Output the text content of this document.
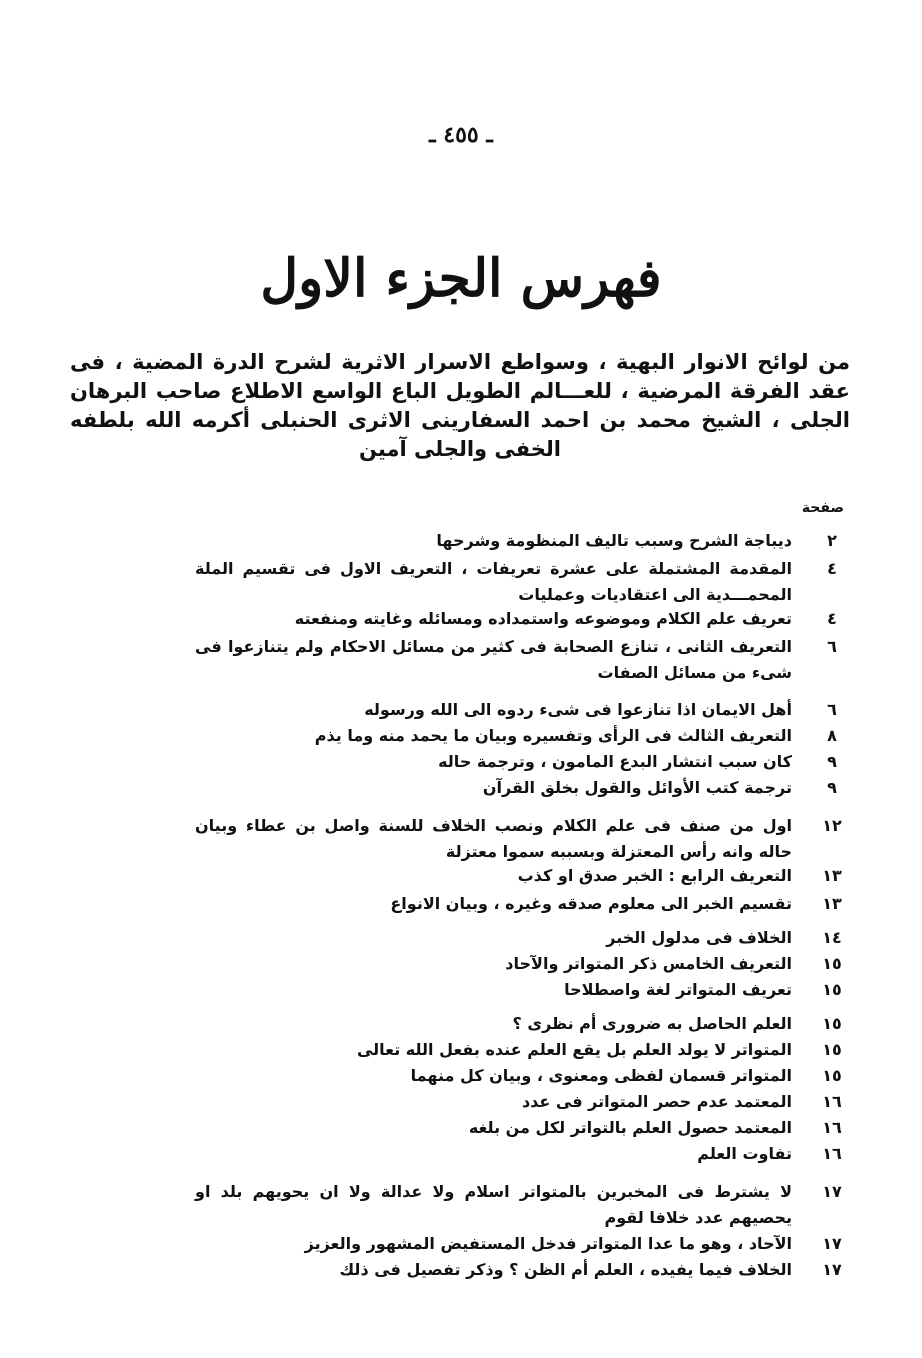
ـ ٤٥٥ ـ
فهرس الجزء الاول
من لوائح الانوار البهية ، وسواطع الاسرار الاثرية لشرح الدرة المضية ، فى عقد الفرقة المرضية ، للعـــالم الطويل الباع الواسع الاطلاع صاحب البرهان الجلى ، الشيخ محمد بن احمد السفارينى الاثرى الحنبلى أكرمه الله بلطفه الخفى والجلى آمين
صفحة
٢
ديباجة الشرح وسبب تاليف المنظومة وشرحها
٤
المقدمة المشتملة على عشرة تعريفات ، التعريف الاول فى تقسيم الملة المحمـــدية الى اعتقاديات وعمليات
٤
تعريف علم الكلام وموضوعه واستمداده ومسائله وغايته ومنفعته
٦
التعريف الثانى ، تنازع الصحابة فى كثير من مسائل الاحكام ولم يتنازعوا فى شىء من مسائل الصفات
٦
أهل الايمان اذا تنازعوا فى شىء ردوه الى الله ورسوله
٨
التعريف الثالث فى الرأى وتفسيره وبيان ما يحمد منه وما يذم
٩
كان سبب انتشار البدع المامون ، وترجمة حاله
٩
ترجمة كتب الأوائل والقول بخلق القرآن
١٢
اول من صنف فى علم الكلام ونصب الخلاف للسنة واصل بن عطاء وبيان حاله وانه رأس المعتزلة وبسببه سموا معتزلة
١٣
التعريف الرابع : الخبر صدق او كذب
١٣
تقسيم الخبر الى معلوم صدقه وغيره ، وبيان الانواع
١٤
الخلاف فى مدلول الخبر
١٥
التعريف الخامس ذكر المتواتر والآحاد
١٥
تعريف المتواتر لغة واصطلاحا
١٥
العلم الحاصل به ضرورى أم نظرى ؟
١٥
المتواتر لا يولد العلم بل يقع العلم عنده بفعل الله تعالى
١٥
المتواتر قسمان لفظى ومعنوى ، وبيان كل منهما
١٦
المعتمد عدم حصر المتواتر فى عدد
١٦
المعتمد حصول العلم بالتواتر لكل من بلغه
١٦
تفاوت العلم
١٧
لا يشترط فى المخبرين بالمتواتر اسلام ولا عدالة ولا ان يحويهم بلد او يحصيهم عدد خلافا لقوم
١٧
الآحاد ، وهو ما عدا المتواتر فدخل المستفيض المشهور والعزيز
١٧
الخلاف فيما يفيده ، العلم أم الظن ؟ وذكر تفصيل فى ذلك
